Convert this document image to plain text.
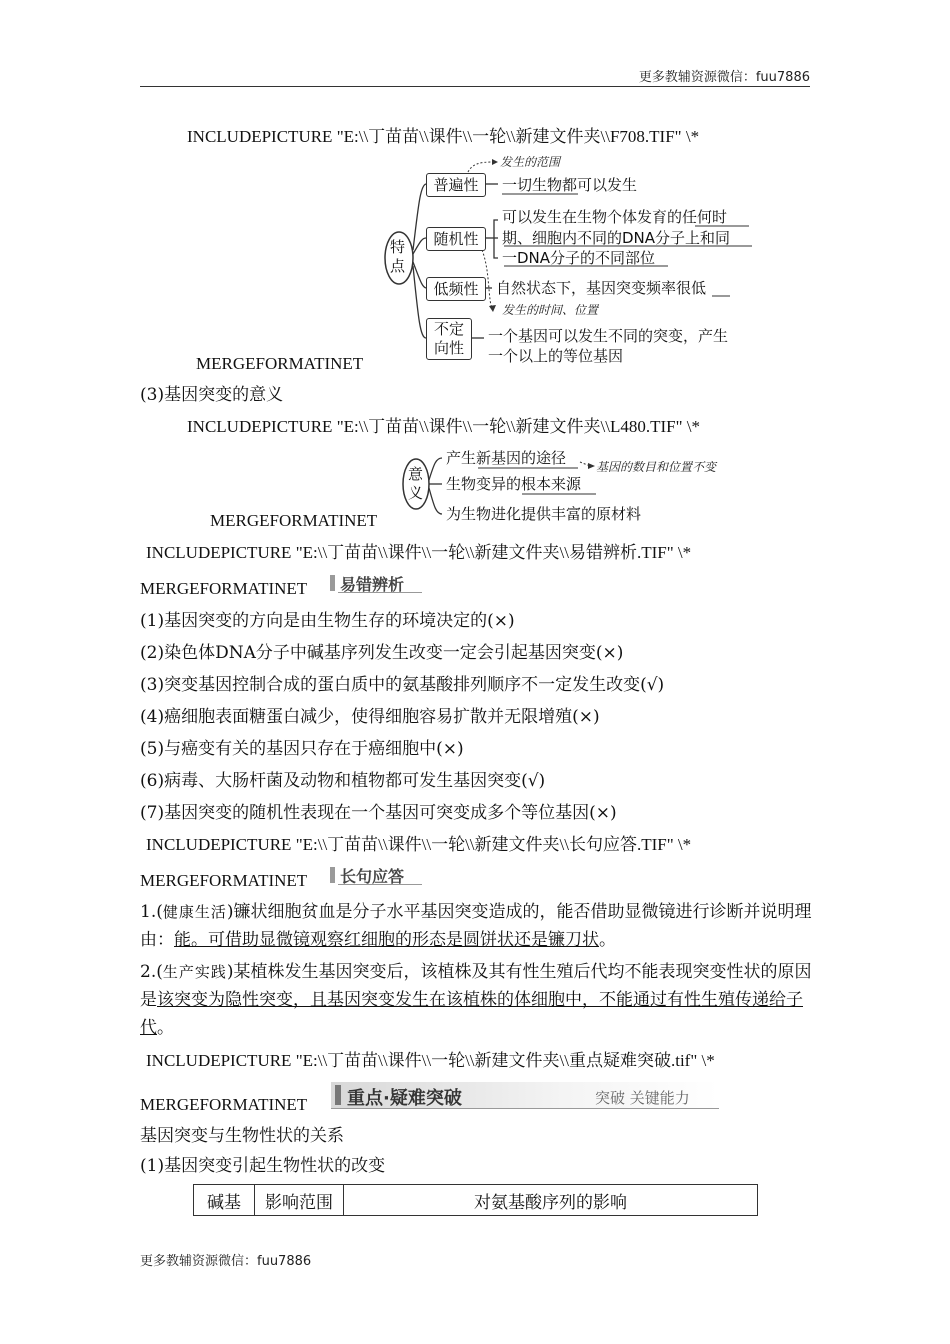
更多教辅资源微信：fuu7886
INCLUDEPICTURE "E:\\丁苗苗\\课件\\一轮\\新建文件夹\\F708.TIF" \*
特
点
普遍性
随机性
低频性
不定
向性
发生的范围
一切生物都可以发生
可以发生在生物个体发育的任何时
期、细胞内不同的DNA分子上和同
一DNA分子的不同部位
自然状态下，基因突变频率很低
发生的时间、位置
一个基因可以发生不同的突变，产生
一个以上的等位基因
MERGEFORMATINET
(3)基因突变的意义
INCLUDEPICTURE "E:\\丁苗苗\\课件\\一轮\\新建文件夹\\L480.TIF" \*
意
义
产生新基因的途径 基因的数目和位置不变
生物变异的根本来源
为生物进化提供丰富的原材料
MERGEFORMATINET
INCLUDEPICTURE "E:\\丁苗苗\\课件\\一轮\\新建文件夹\\易错辨析.TIF" \*
MERGEFORMATINET 易错辨析
(1)基因突变的方向是由生物生存的环境决定的(×)
(2)染色体DNA分子中碱基序列发生改变一定会引起基因突变(×)
(3)突变基因控制合成的蛋白质中的氨基酸排列顺序不一定发生改变(√)
(4)癌细胞表面糖蛋白减少，使得细胞容易扩散并无限增殖(×)
(5)与癌变有关的基因只存在于癌细胞中(×)
(6)病毒、大肠杆菌及动物和植物都可发生基因突变(√)
(7)基因突变的随机性表现在一个基因可突变成多个等位基因(×)
INCLUDEPICTURE "E:\\丁苗苗\\课件\\一轮\\新建文件夹\\长句应答.TIF" \*
MERGEFORMATINET 长句应答
1.(健康生活)镰状细胞贫血是分子水平基因突变造成的，能否借助显微镜进行诊断并说明理由：能。可借助显微镜观察红细胞的形态是圆饼状还是镰刀状。
2.(生产实践)某植株发生基因突变后，该植株及其有性生殖后代均不能表现突变性状的原因是该突变为隐性突变，且基因突变发生在该植株的体细胞中，不能通过有性生殖传递给子代。
INCLUDEPICTURE "E:\\丁苗苗\\课件\\一轮\\新建文件夹\\重点疑难突破.tif" \*
MERGEFORMATINET 重点·疑难突破	突破 关键能力
基因突变与生物性状的关系
(1)基因突变引起生物性状的改变
碱基	影响范围	对氨基酸序列的影响
更多教辅资源微信：fuu7886
